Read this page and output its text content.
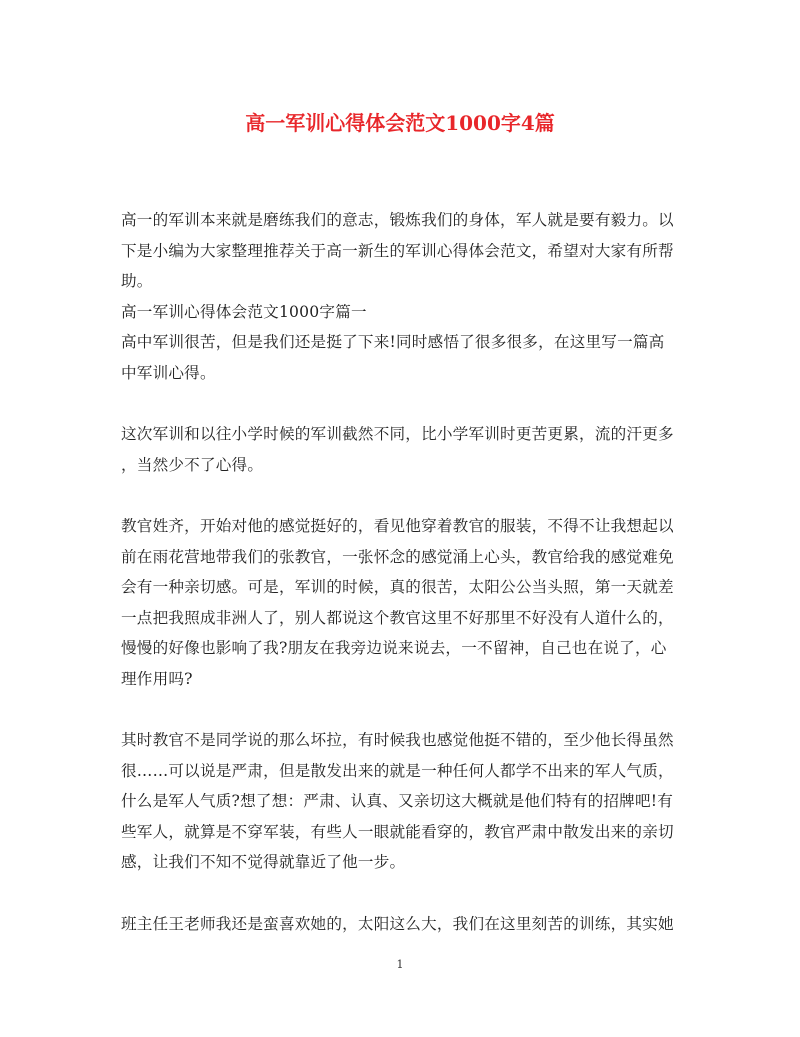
高一军训心得体会范文1000字4篇
高一的军训本来就是磨练我们的意志，锻炼我们的身体，军人就是要有毅力。以
下是小编为大家整理推荐关于高一新生的军训心得体会范文，希望对大家有所帮
助。
高一军训心得体会范文1000字篇一
高中军训很苦，但是我们还是挺了下来!同时感悟了很多很多，在这里写一篇高
中军训心得。
这次军训和以往小学时候的军训截然不同，比小学军训时更苦更累，流的汗更多
，当然少不了心得。
教官姓齐，开始对他的感觉挺好的，看见他穿着教官的服装，不得不让我想起以
前在雨花营地带我们的张教官，一张怀念的感觉涌上心头，教官给我的感觉难免
会有一种亲切感。可是，军训的时候，真的很苦，太阳公公当头照，第一天就差
一点把我照成非洲人了，别人都说这个教官这里不好那里不好没有人道什么的，
慢慢的好像也影响了我?朋友在我旁边说来说去，一不留神，自己也在说了，心
理作用吗?
其时教官不是同学说的那么坏拉，有时候我也感觉他挺不错的，至少他长得虽然
很……可以说是严肃，但是散发出来的就是一种任何人都学不出来的军人气质，
什么是军人气质?想了想：严肃、认真、又亲切这大概就是他们特有的招牌吧!有
些军人，就算是不穿军装，有些人一眼就能看穿的，教官严肃中散发出来的亲切
感，让我们不知不觉得就靠近了他一步。
班主任王老师我还是蛮喜欢她的，太阳这么大，我们在这里刻苦的训练，其实她
1
